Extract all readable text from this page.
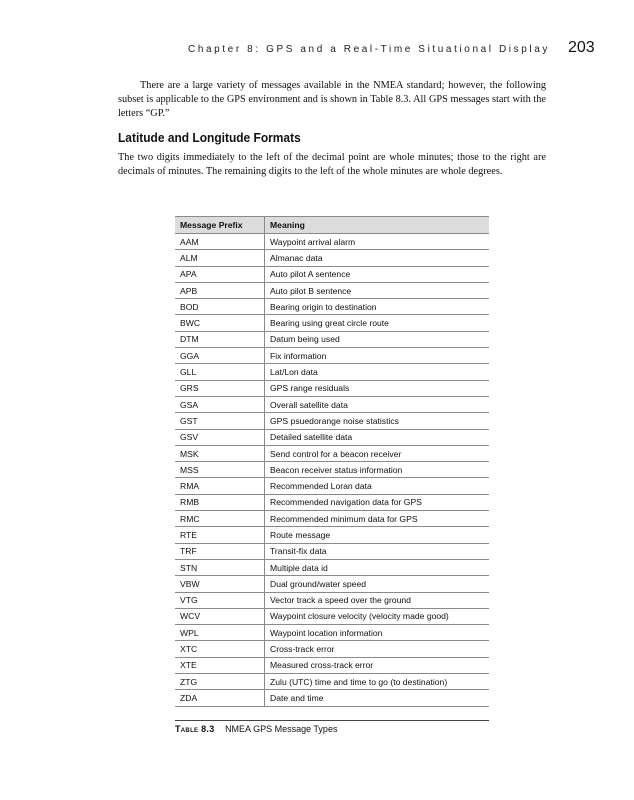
Chapter 8: GPS and a Real-Time Situational Display 203

There are a large variety of messages available in the NMEA standard; however, the following subset is applicable to the GPS environment and is shown in Table 8.3. All GPS messages start with the letters “GP.”

Latitude and Longitude Formats

The two digits immediately to the left of the decimal point are whole minutes; those to the right are decimals of minutes. The remaining digits to the left of the whole minutes are whole degrees.

Message Prefix	Meaning
AAM	Waypoint arrival alarm
ALM	Almanac data
APA	Auto pilot A sentence
APB	Auto pilot B sentence
BOD	Bearing origin to destination
BWC	Bearing using great circle route
DTM	Datum being used
GGA	Fix information
GLL	Lat/Lon data
GRS	GPS range residuals
GSA	Overall satellite data
GST	GPS psuedorange noise statistics
GSV	Detailed satellite data
MSK	Send control for a beacon receiver
MSS	Beacon receiver status information
RMA	Recommended Loran data
RMB	Recommended navigation data for GPS
RMC	Recommended minimum data for GPS
RTE	Route message
TRF	Transit-fix data
STN	Multiple data id
VBW	Dual ground/water speed
VTG	Vector track a speed over the ground
WCV	Waypoint closure velocity (velocity made good)
WPL	Waypoint location information
XTC	Cross-track error
XTE	Measured cross-track error
ZTG	Zulu (UTC) time and time to go (to destination)
ZDA	Date and time
Table 8.3 NMEA GPS Message Types
